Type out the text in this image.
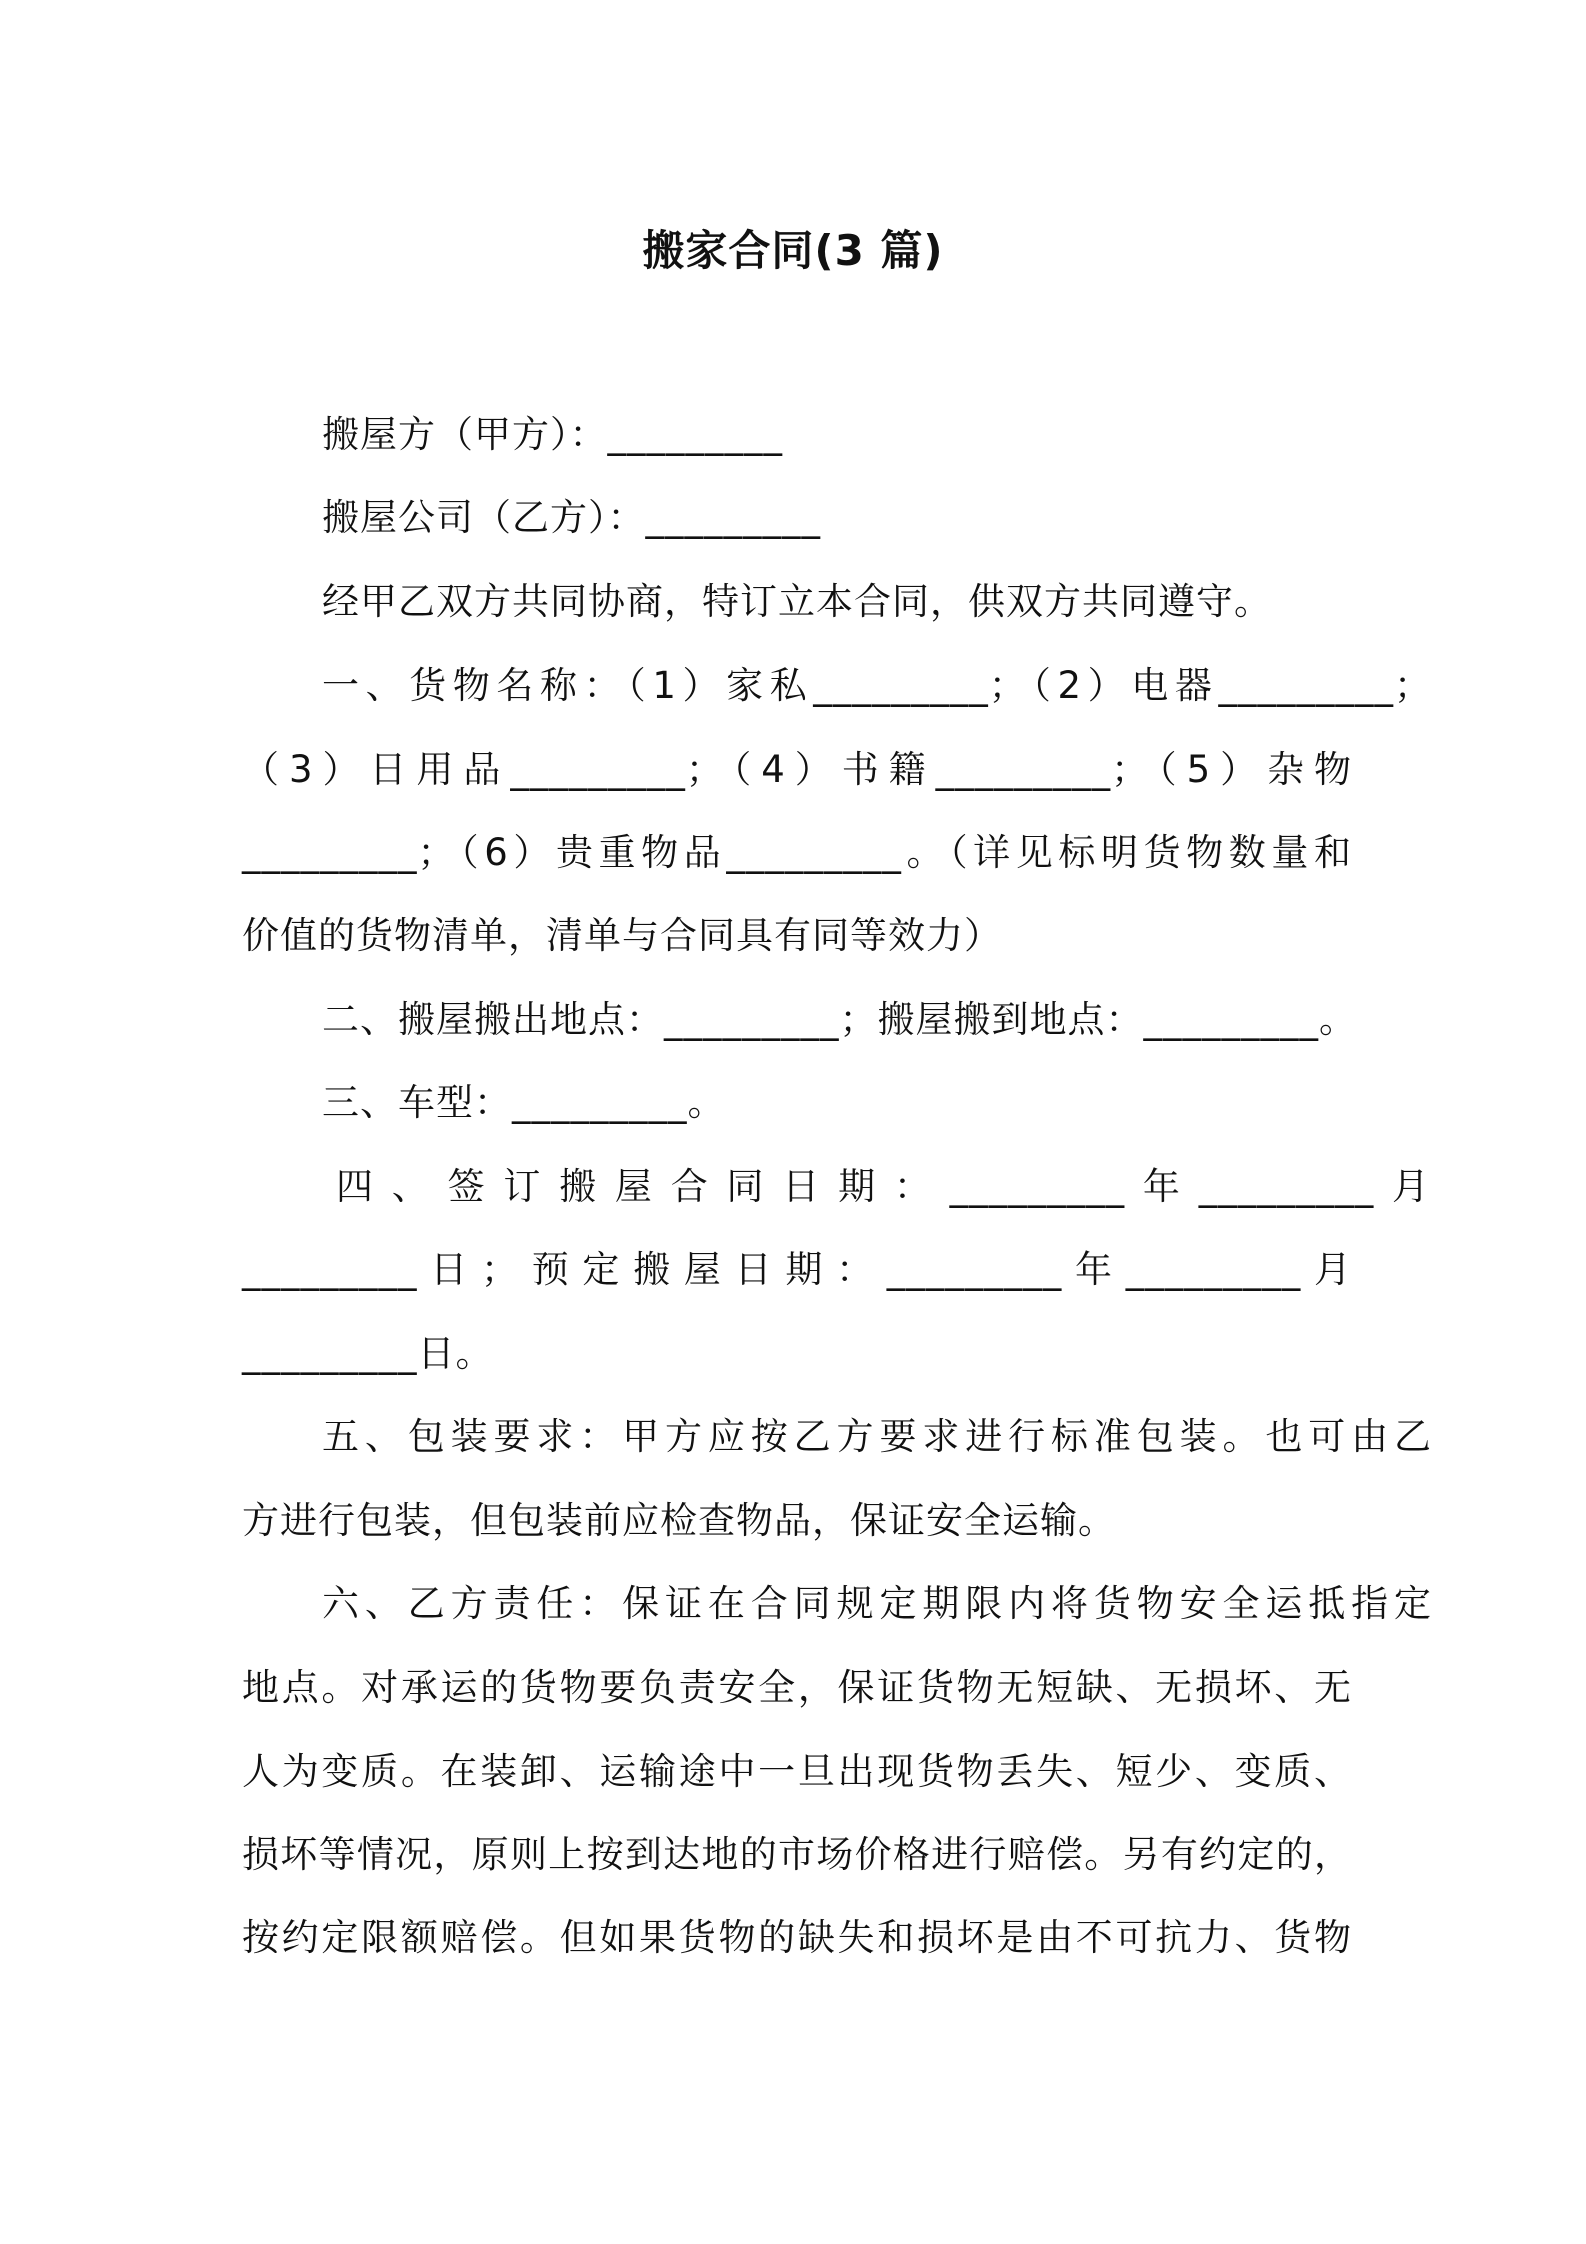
搬家合同(3 篇)
搬屋方（甲方）：_________
搬屋公司（乙方）：_________
经甲乙双方共同协商，特订立本合同，供双方共同遵守。
一、货物名称：（1）家私_________；（2）电器_________；
（3）日用品_________；（4）书籍_________；（5）杂物
_________；（6）贵重物品_________。（详见标明货物数量和
价值的货物清单，清单与合同具有同等效力）
二、搬屋搬出地点：_________；搬屋搬到地点：_________。
三、车型：_________。
四、签订搬屋合同日期：_________年_________月
_________日；预定搬屋日期：_________年_________月
_________日。
五、包装要求：甲方应按乙方要求进行标准包装。也可由乙
方进行包装，但包装前应检查物品，保证安全运输。
六、乙方责任：保证在合同规定期限内将货物安全运抵指定
地点。对承运的货物要负责安全，保证货物无短缺、无损坏、无
人为变质。在装卸、运输途中一旦出现货物丢失、短少、变质、
损坏等情况，原则上按到达地的市场价格进行赔偿。另有约定的，
按约定限额赔偿。但如果货物的缺失和损坏是由不可抗力、货物
